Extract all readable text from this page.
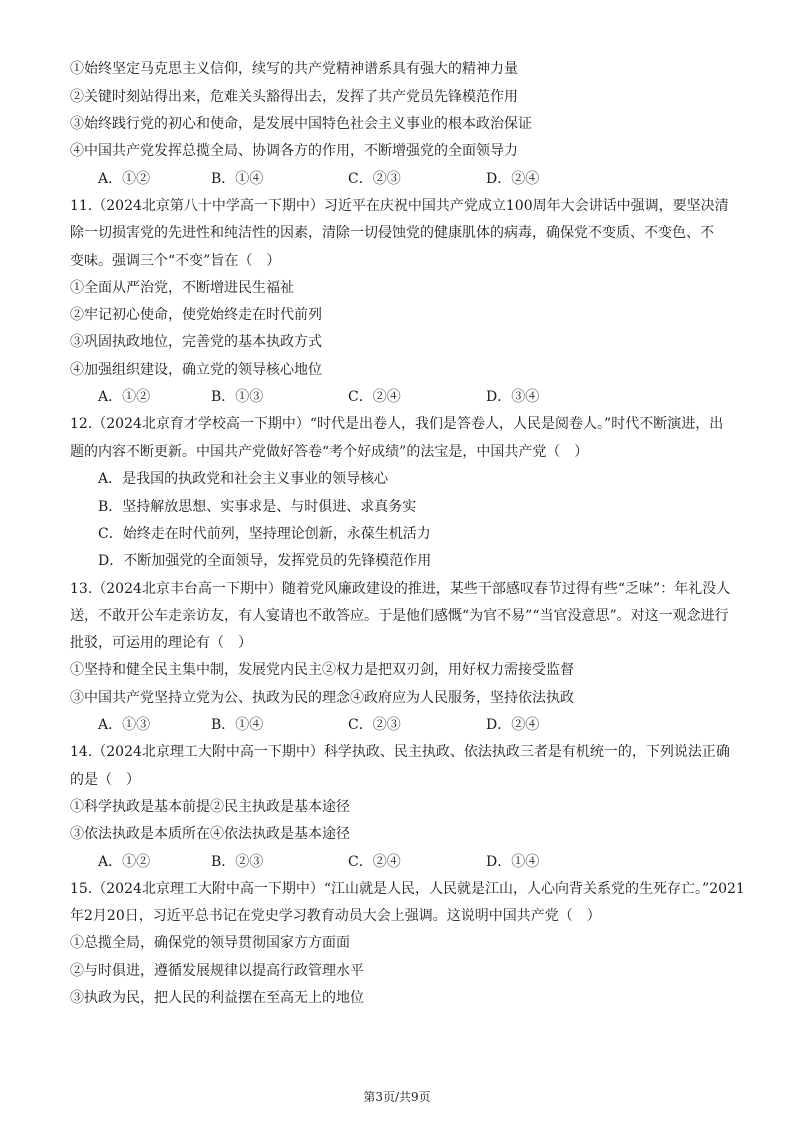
①始终坚定马克思主义信仰，续写的共产党精神谱系具有强大的精神力量
②关键时刻站得出来，危难关头豁得出去，发挥了共产党员先锋模范作用
③始终践行党的初心和使命，是发展中国特色社会主义事业的根本政治保证
④中国共产党发挥总揽全局、协调各方的作用，不断增强党的全面领导力
A．①②	B．①④	C．②③	D．②④
11.（2024北京第八十中学高一下期中）习近平在庆祝中国共产党成立100周年大会讲话中强调，要坚决清
除一切损害党的先进性和纯洁性的因素，清除一切侵蚀党的健康肌体的病毒，确保党不变质、不变色、不
变味。强调三个“不变”旨在（　）
①全面从严治党，不断增进民生福祉
②牢记初心使命，使党始终走在时代前列
③巩固执政地位，完善党的基本执政方式
④加强组织建设，确立党的领导核心地位
A．①②	B．①③	C．②④	D．③④
12.（2024北京育才学校高一下期中）“时代是出卷人，我们是答卷人，人民是阅卷人。”时代不断演进，出
题的内容不断更新。中国共产党做好答卷“考个好成绩”的法宝是，中国共产党（　）
A．是我国的执政党和社会主义事业的领导核心
B．坚持解放思想、实事求是、与时俱进、求真务实
C．始终走在时代前列，坚持理论创新，永葆生机活力
D．不断加强党的全面领导，发挥党员的先锋模范作用
13.（2024北京丰台高一下期中）随着党风廉政建设的推进，某些干部感叹春节过得有些“乏味”：年礼没人
送，不敢开公车走亲访友，有人宴请也不敢答应。于是他们感慨“为官不易”“当官没意思”。对这一观念进行
批驳，可运用的理论有（　）
①坚持和健全民主集中制，发展党内民主②权力是把双刃剑，用好权力需接受监督
③中国共产党坚持立党为公、执政为民的理念④政府应为人民服务，坚持依法执政
A．①③	B．①④	C．②③	D．②④
14.（2024北京理工大附中高一下期中）科学执政、民主执政、依法执政三者是有机统一的，下列说法正确
的是（　）
①科学执政是基本前提②民主执政是基本途径
③依法执政是本质所在④依法执政是基本途径
A．①②	B．②③	C．②④	D．①④
15.（2024北京理工大附中高一下期中）“江山就是人民，人民就是江山，人心向背关系党的生死存亡。”2021
年2月20日，习近平总书记在党史学习教育动员大会上强调。这说明中国共产党（　）
①总揽全局，确保党的领导贯彻国家方方面面
②与时俱进，遵循发展规律以提高行政管理水平
③执政为民，把人民的利益摆在至高无上的地位
第3页/共9页
